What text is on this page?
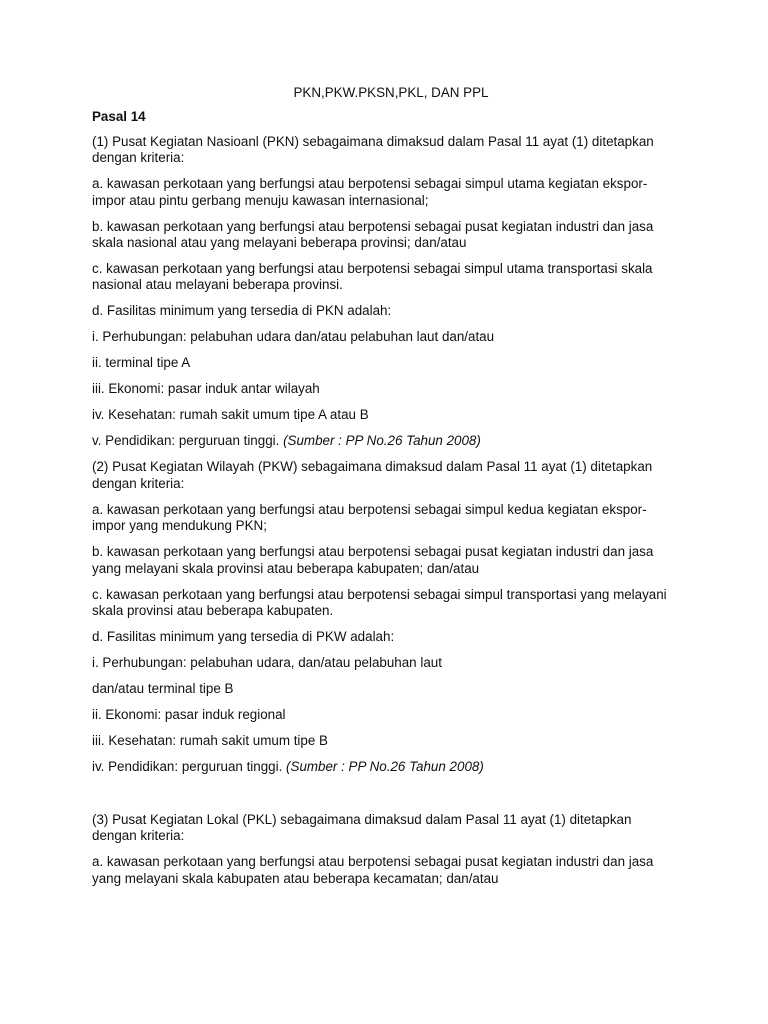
PKN,PKW.PKSN,PKL, DAN PPL

Pasal 14

(1) Pusat Kegiatan Nasioanl (PKN) sebagaimana dimaksud dalam Pasal 11 ayat (1) ditetapkan dengan kriteria:

a. kawasan perkotaan yang berfungsi atau berpotensi sebagai simpul utama kegiatan ekspor-impor atau pintu gerbang menuju kawasan internasional;

b. kawasan perkotaan yang berfungsi atau berpotensi sebagai pusat kegiatan industri dan jasa skala nasional atau yang melayani beberapa provinsi; dan/atau

c. kawasan perkotaan yang berfungsi atau berpotensi sebagai simpul utama transportasi skala nasional atau melayani beberapa provinsi.

d. Fasilitas minimum yang tersedia di PKN adalah:

i. Perhubungan: pelabuhan udara dan/atau pelabuhan laut dan/atau

ii. terminal tipe A

iii. Ekonomi: pasar induk antar wilayah

iv. Kesehatan: rumah sakit umum tipe A atau B

v. Pendidikan: perguruan tinggi. (Sumber : PP No.26 Tahun 2008)

(2) Pusat Kegiatan Wilayah (PKW) sebagaimana dimaksud dalam Pasal 11 ayat (1) ditetapkan dengan kriteria:

a. kawasan perkotaan yang berfungsi atau berpotensi sebagai simpul kedua kegiatan ekspor-impor yang mendukung PKN;

b. kawasan perkotaan yang berfungsi atau berpotensi sebagai pusat kegiatan industri dan jasa yang melayani skala provinsi atau beberapa kabupaten; dan/atau

c. kawasan perkotaan yang berfungsi atau berpotensi sebagai simpul transportasi yang melayani skala provinsi atau beberapa kabupaten.

d. Fasilitas minimum yang tersedia di PKW adalah:

i. Perhubungan: pelabuhan udara, dan/atau pelabuhan laut

dan/atau terminal tipe B

ii. Ekonomi: pasar induk regional

iii. Kesehatan: rumah sakit umum tipe B

iv. Pendidikan: perguruan tinggi. (Sumber : PP No.26 Tahun 2008)

(3) Pusat Kegiatan Lokal (PKL) sebagaimana dimaksud dalam Pasal 11 ayat (1) ditetapkan dengan kriteria:

a. kawasan perkotaan yang berfungsi atau berpotensi sebagai pusat kegiatan industri dan jasa yang melayani skala kabupaten atau beberapa kecamatan; dan/atau
